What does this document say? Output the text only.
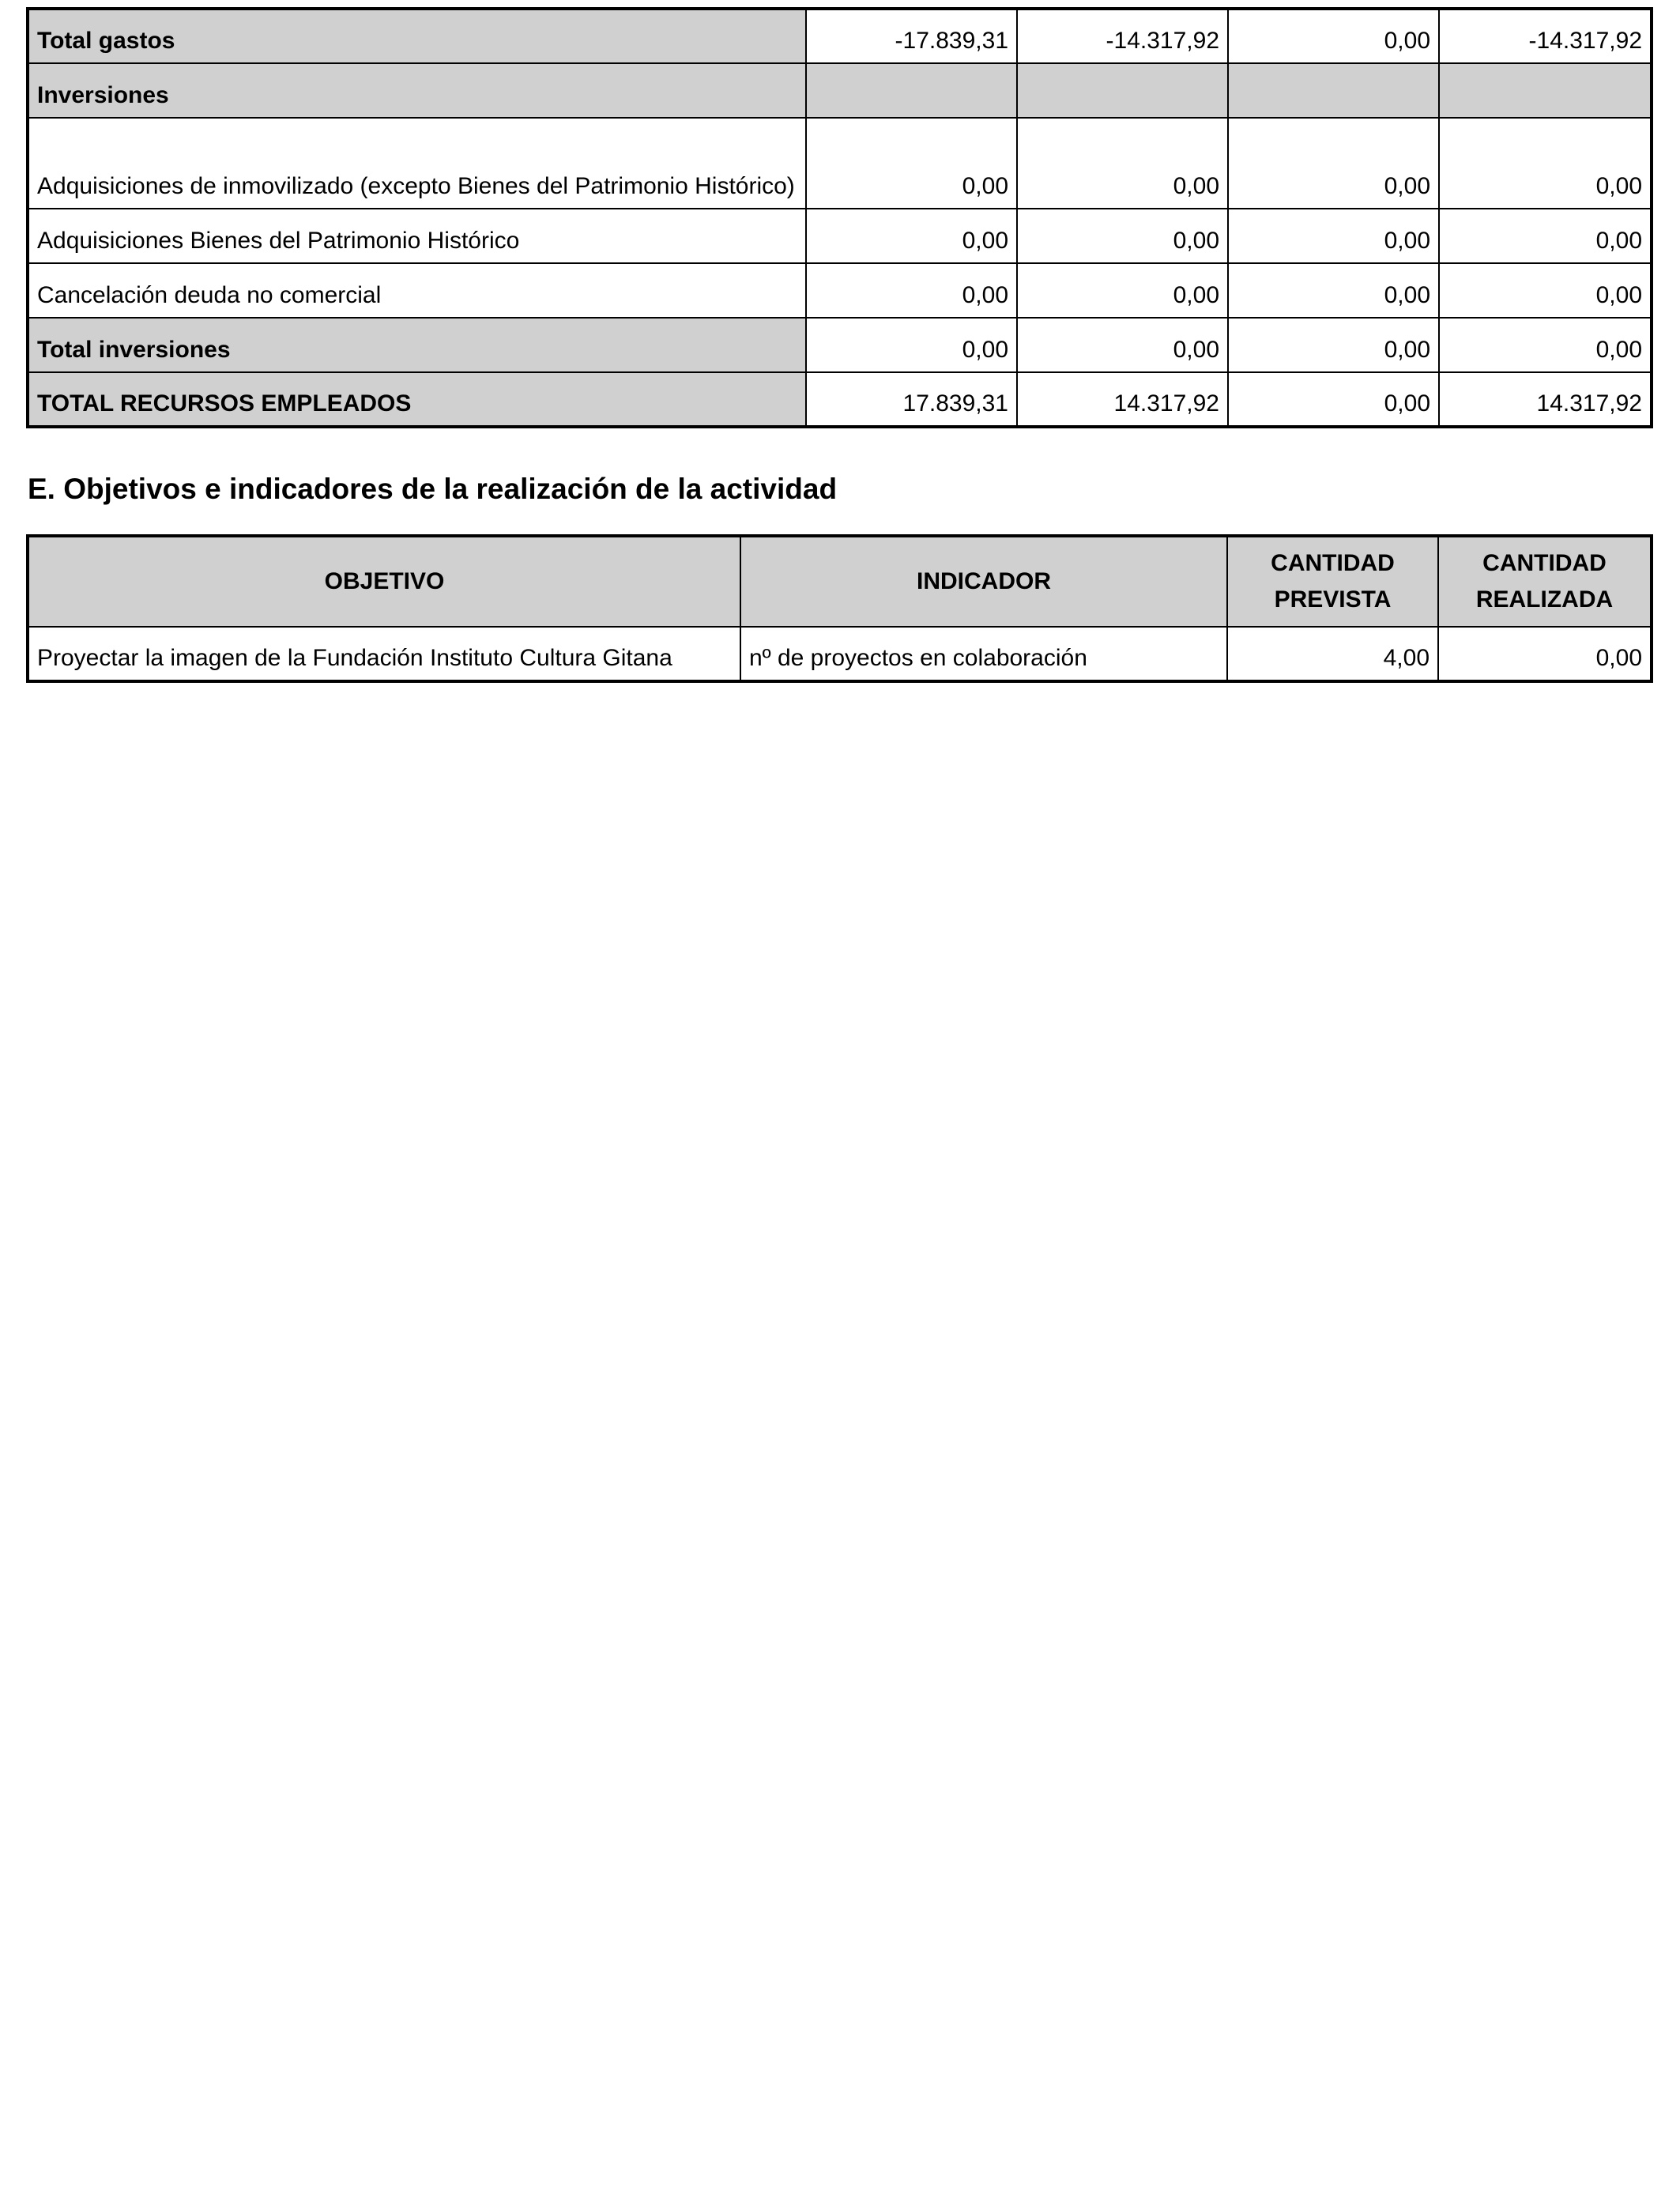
Total gastos	-17.839,31	-14.317,92	0,00	-14.317,92
Inversiones				
Adquisiciones de inmovilizado (excepto Bienes del Patrimonio Histórico)	0,00	0,00	0,00	0,00
Adquisiciones Bienes del Patrimonio Histórico	0,00	0,00	0,00	0,00
Cancelación deuda no comercial	0,00	0,00	0,00	0,00
Total inversiones	0,00	0,00	0,00	0,00
TOTAL RECURSOS EMPLEADOS	17.839,31	14.317,92	0,00	14.317,92
E. Objetivos e indicadores de la realización de la actividad
OBJETIVO	INDICADOR	CANTIDAD PREVISTA	CANTIDAD REALIZADA
Proyectar la imagen de la Fundación Instituto Cultura Gitana	nº de proyectos en colaboración	4,00	0,00
